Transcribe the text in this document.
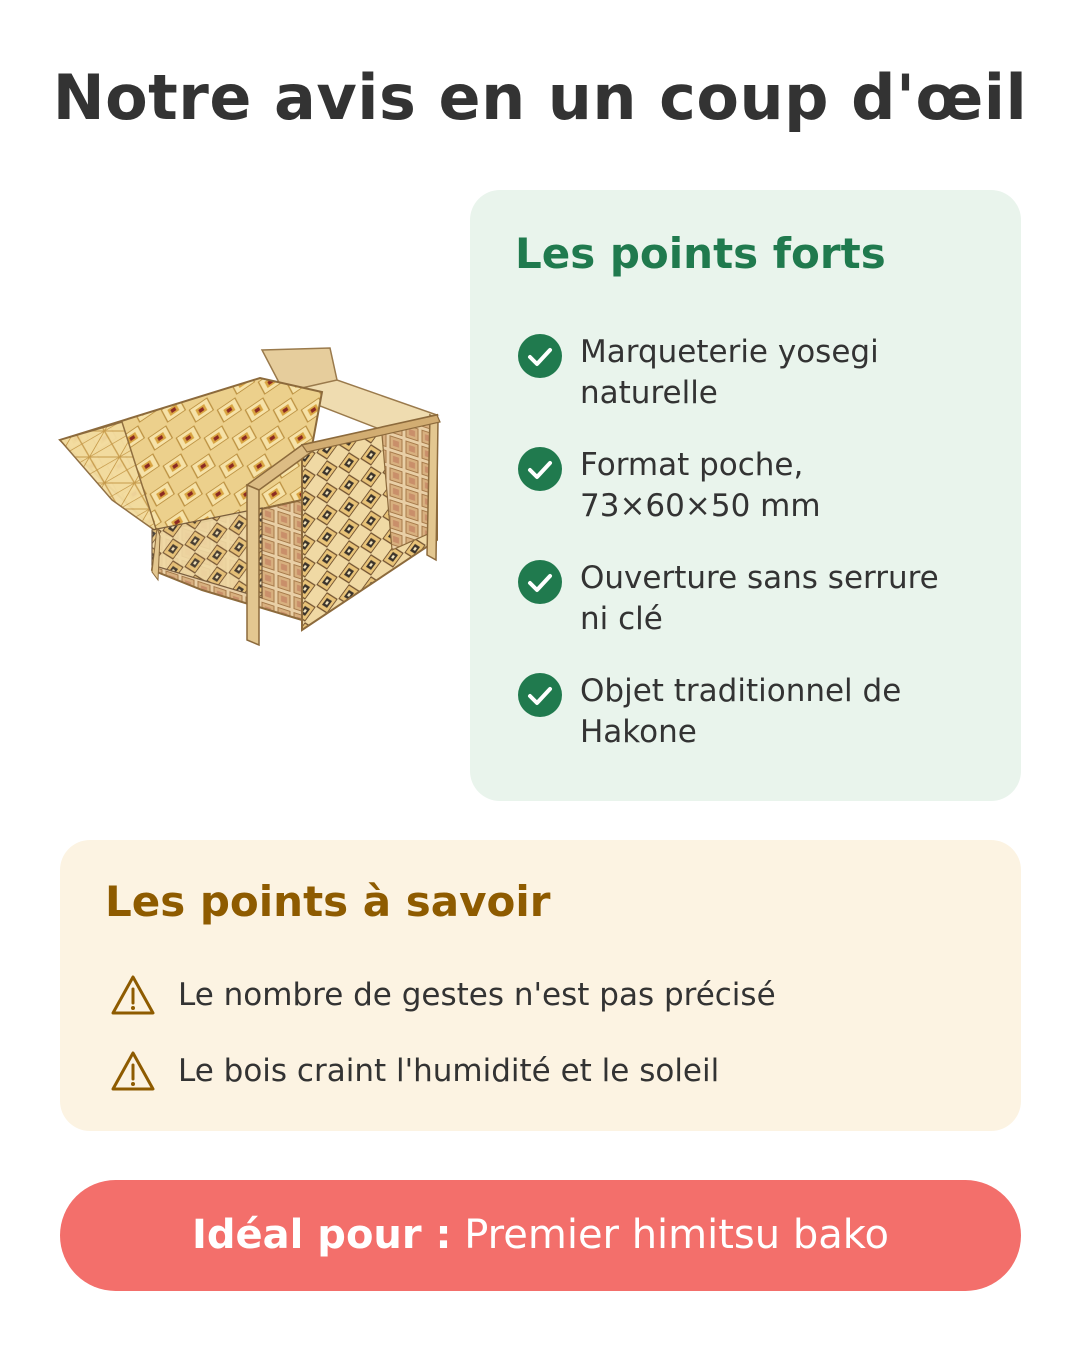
Notre avis en un coup d'œil
Les points forts
Marqueterie yosegi
naturelle
Format poche,
73×60×50 mm
Ouverture sans serrure
ni clé
Objet traditionnel de
Hakone
Les points à savoir
Le nombre de gestes n'est pas précisé
Le bois craint l'humidité et le soleil
Idéal pour : Premier himitsu bako
